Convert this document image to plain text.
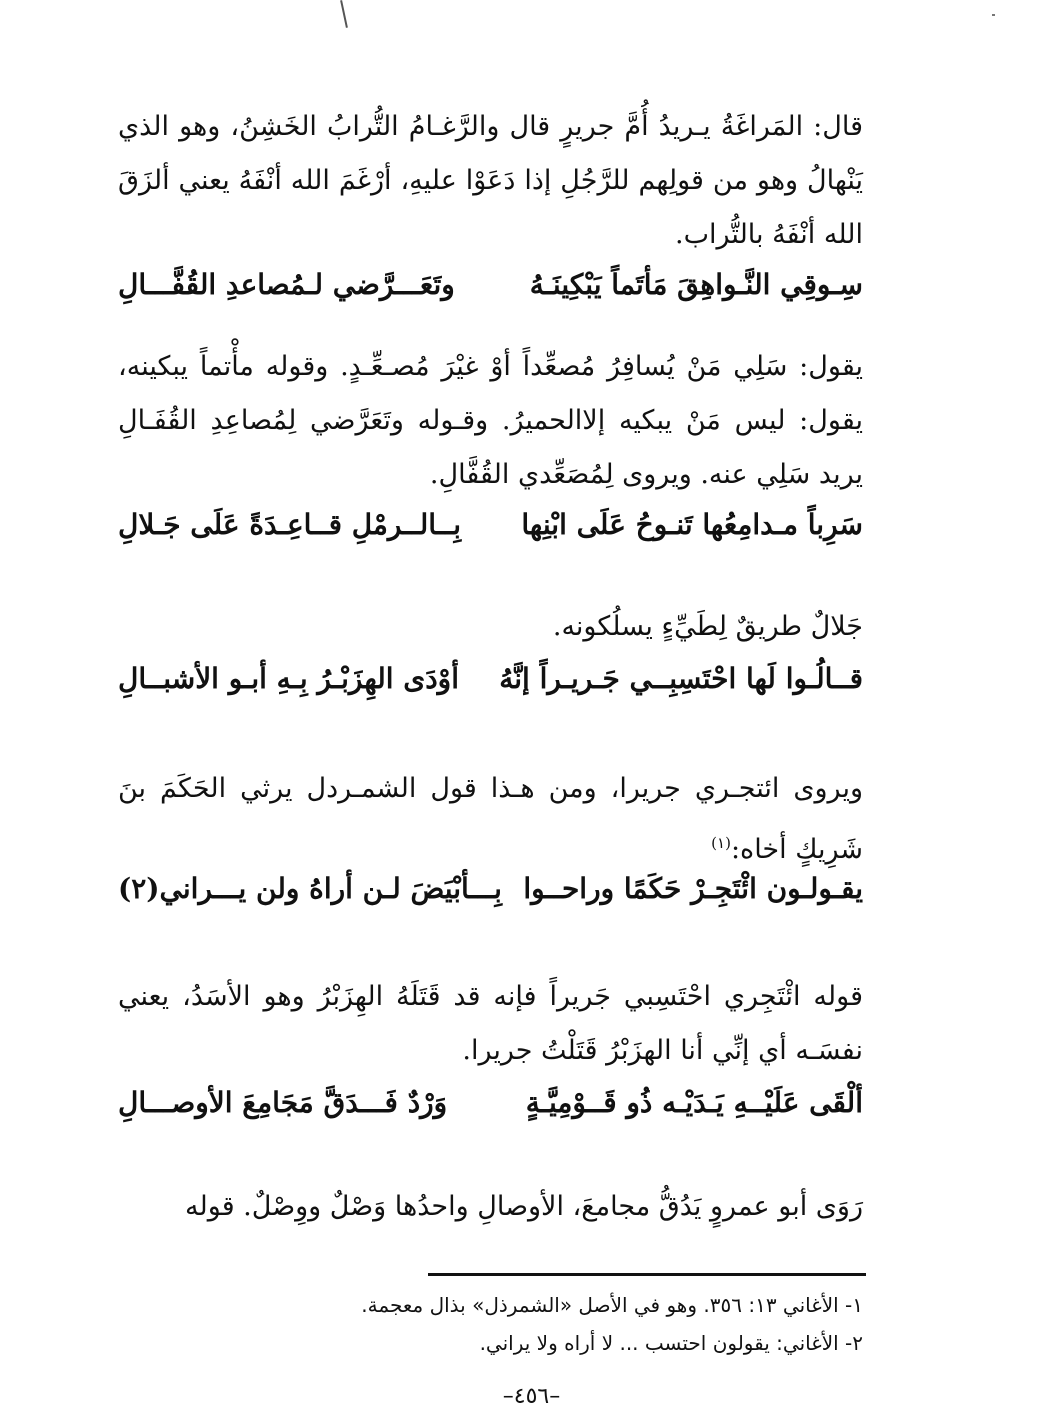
قال: المَراغَةُ يـريدُ أُمَّ جريرٍ قال والرَّغـامُ التُّرابُ الخَشِنُ، وهو الذي يَنْهالُ وهو من قولِهم للرَّجُلِ إذا دَعَوْا عليهِ، أرْغَمَ الله أنْفَهُ يعني ألزَقَ الله أنْفَهُ بالتُّراب.

سِـوقِي النَّـواهِقَ مَأتَماً يَبْكِينَـهُ
وتَعَـــرَّضي لـمُصاعدِ القُفَّـــالِ

يقول: سَلِي مَنْ يُسافِرُ مُصعِّداً أوْ غيْرَ مُصـعِّـدٍ. وقوله مأْتماً يبكينه، يقول: ليس مَنْ يبكيه إلاالحميرُ. وقـوله وتَعَرَّضي لِمُصاعِدِ القُفَـالِ يريد سَلِي عنه. ويروى لِمُصَعِّدي القُفَّالِ.

سَرِباً مـدامِعُها تَنـوحُ عَلَى ابْنِها
بِــالــرمْلِ قــاعِـدَةً عَلَى جَـلالِ

جَلالٌ طريقٌ لِطَيِّءٍ يسلُكونه.

قــالُـوا لَها احْتَسِبِــي جَـريـراً إنَّهُ
أوْدَى الهِزَبْـرُ بِـهِ أبـو الأشبــالِ

ويروى ائتجـري جريرا، ومن هـذا قول الشمـردل يرثي الحَكَمَ بنَ شَرِيكٍ أخاه:$^{(١)}$

يقـولـون ائْتَجِـرْ حَكَمًا وراحــوا
بِـــأبْيَضَ لـن أراهُ ولن يـــراني(٢)

قوله ائْتَجِري احْتَسِبي جَريراً فإنه قد قَتَلَهُ الهِزَبْرُ وهو الأسَدُ، يعني نفسَـه أي إنِّي أنا الهزَبْرُ قَتَلْتُ جريرا.

ألْقَى عَلَيْــهِ يَـدَيْـه ذُو قَــوْمِيَّـةٍ
وَرْدٌ فَـــدَقَّ مَجَامِعَ الأوصـــالِ

رَوَى أبو عمروٍ يَدُقُّ مجامعَ، الأوصالِ واحدُها وَصْلٌ ووِصْلٌ. قوله

١- الأغاني ١٣: ٣٥٦. وهو في الأصل «الشمرذل» بذال معجمة.
٢- الأغاني: يقولون احتسب ... لا أراه ولا يراني.
–٤٥٦–
